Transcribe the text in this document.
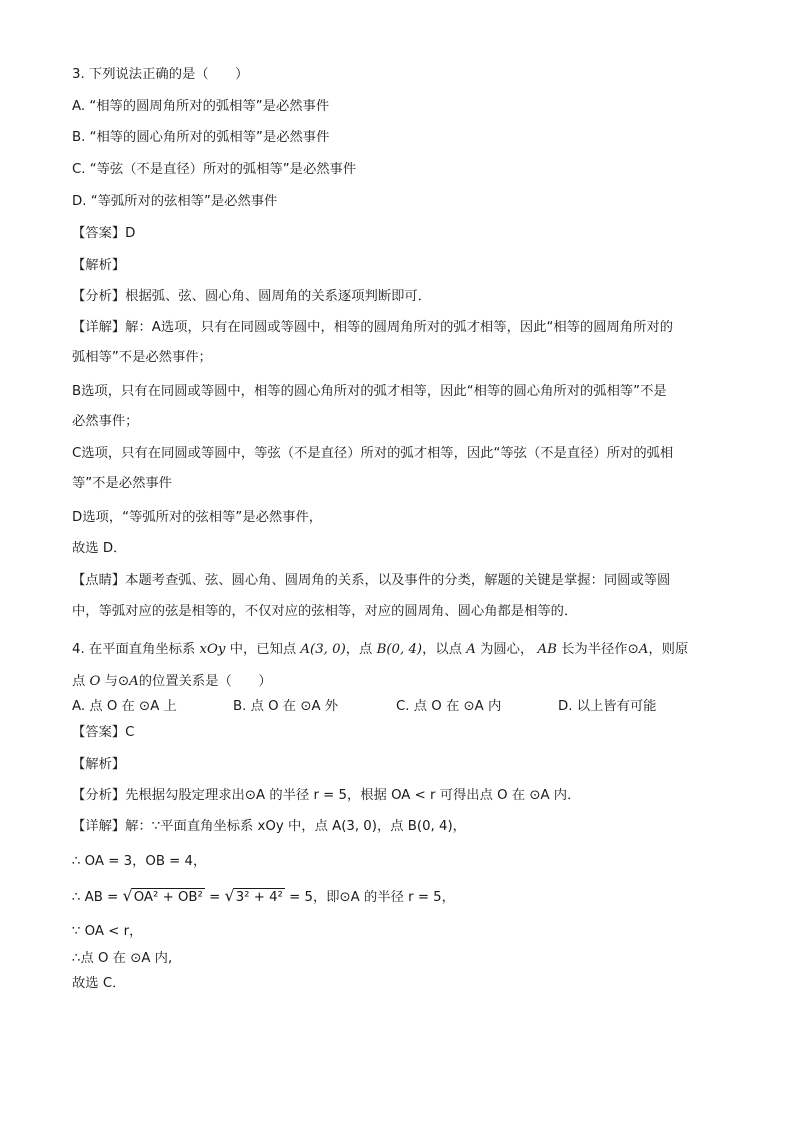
3. 下列说法正确的是（　　）
A. “相等的圆周角所对的弧相等”是必然事件
B. “相等的圆心角所对的弧相等”是必然事件
C. “等弦（不是直径）所对的弧相等”是必然事件
D. “等弧所对的弦相等”是必然事件
【答案】D
【解析】
【分析】根据弧、弦、圆心角、圆周角的关系逐项判断即可．
【详解】解：A选项，只有在同圆或等圆中，相等的圆周角所对的弧才相等，因此“相等的圆周角所对的
弧相等”不是必然事件；
B选项，只有在同圆或等圆中，相等的圆心角所对的弧才相等，因此“相等的圆心角所对的弧相等”不是
必然事件；
C选项，只有在同圆或等圆中，等弦（不是直径）所对的弧才相等，因此“等弦（不是直径）所对的弧相
等”不是必然事件
D选项，“等弧所对的弦相等”是必然事件，
故选 D．
【点睛】本题考查弧、弦、圆心角、圆周角的关系，以及事件的分类，解题的关键是掌握：同圆或等圆
中，等弧对应的弦是相等的，不仅对应的弦相等，对应的圆周角、圆心角都是相等的．
4. 在平面直角坐标系 xOy 中，已知点 A(3, 0)，点 B(0, 4)，以点 A 为圆心， AB 长为半径作⊙A，则原
点 O 与⊙A的位置关系是（　　）
A. 点 O 在 ⊙A 上	B. 点 O 在 ⊙A 外	C. 点 O 在 ⊙A 内	D. 以上皆有可能
【答案】C
【解析】
【分析】先根据勾股定理求出⊙A 的半径 r = 5，根据 OA < r 可得出点 O 在 ⊙A 内．
【详解】解：∵平面直角坐标系 xOy 中，点 A(3, 0)，点 B(0, 4)，
∴ OA = 3，OB = 4，
∴ AB = √OA² + OB² = √3² + 4² = 5，即⊙A 的半径 r = 5，
∵ OA < r，
∴点 O 在 ⊙A 内,
故选 C．
